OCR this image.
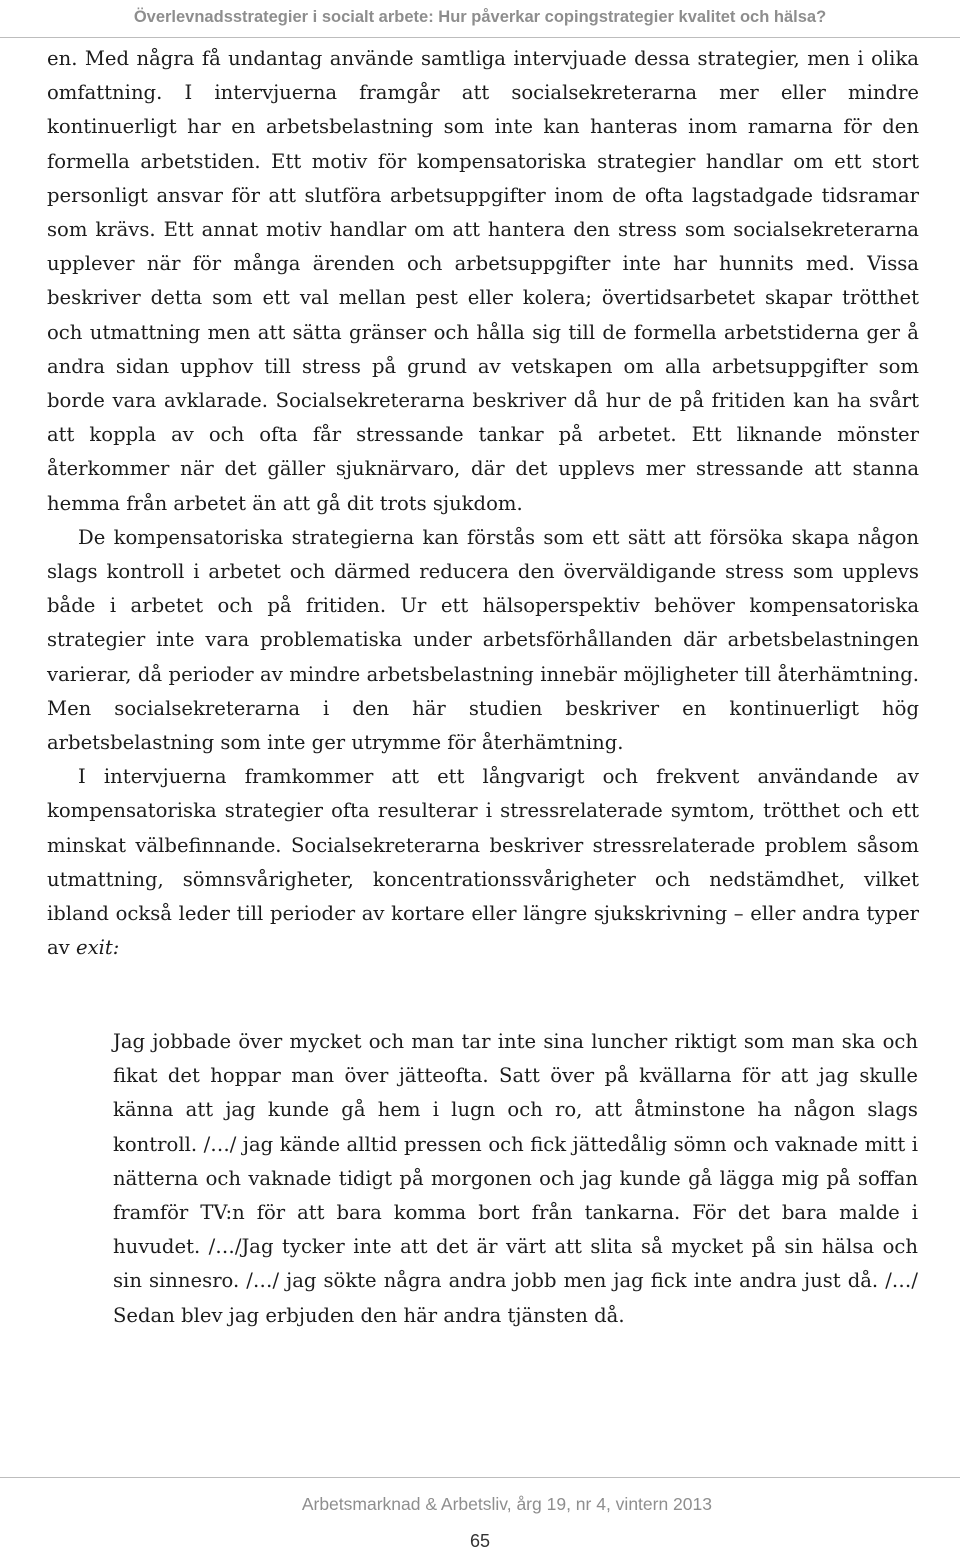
Överlevnadsstrategier i socialt arbete: Hur påverkar copingstrategier kvalitet och hälsa?

en. Med några få undantag använde samtliga intervjuade dessa strategier, men i olika omfattning. I intervjuerna framgår att socialsekreterarna mer eller mindre kontinuerligt har en arbetsbelastning som inte kan hanteras inom ramarna för den formella arbetstiden. Ett motiv för kompensatoriska strategier handlar om ett stort personligt ansvar för att slutföra arbetsuppgifter inom de ofta lagstadgade tidsramar som krävs. Ett annat motiv handlar om att hantera den stress som socialsekreterarna upplever när för många ärenden och arbetsuppgifter inte har hunnits med. Vissa beskriver detta som ett val mellan pest eller kolera; övertidsarbetet skapar trötthet och utmattning men att sätta gränser och hålla sig till de formella arbetstiderna ger å andra sidan upphov till stress på grund av vetskapen om alla arbetsuppgifter som borde vara avklarade. Socialsekreterarna beskriver då hur de på fritiden kan ha svårt att koppla av och ofta får stressande tankar på arbetet. Ett liknande mönster återkommer när det gäller sjuknärvaro, där det upplevs mer stressande att stanna hemma från arbetet än att gå dit trots sjukdom.

De kompensatoriska strategierna kan förstås som ett sätt att försöka skapa någon slags kontroll i arbetet och därmed reducera den överväldigande stress som upplevs både i arbetet och på fritiden. Ur ett hälsoperspektiv behöver kompensatoriska strategier inte vara problematiska under arbetsförhållanden där arbetsbelastningen varierar, då perioder av mindre arbetsbelastning innebär möjligheter till återhämtning. Men socialsekreterarna i den här studien beskriver en kontinuerligt hög arbetsbelastning som inte ger utrymme för återhämtning.

I intervjuerna framkommer att ett långvarigt och frekvent användande av kompensatoriska strategier ofta resulterar i stressrelaterade symtom, trötthet och ett minskat välbefinnande. Socialsekreterarna beskriver stressrelaterade problem såsom utmattning, sömnsvårigheter, koncentrationssvårigheter och nedstämdhet, vilket ibland också leder till perioder av kortare eller längre sjukskrivning – eller andra typer av exit:

Jag jobbade över mycket och man tar inte sina luncher riktigt som man ska och fikat det hoppar man över jätteofta. Satt över på kvällarna för att jag skulle känna att jag kunde gå hem i lugn och ro, att åtminstone ha någon slags kontroll. /…/ jag kände alltid pressen och fick jättedålig sömn och vaknade mitt i nätterna och vaknade tidigt på morgonen och jag kunde gå lägga mig på soffan framför TV:n för att bara komma bort från tankarna. För det bara malde i huvudet. /…/Jag tycker inte att det är värt att slita så mycket på sin hälsa och sin sinnesro. /…/ jag sökte några andra jobb men jag fick inte andra just då. /…/ Sedan blev jag erbjuden den här andra tjänsten då.

Arbetsmarknad & Arbetsliv, årg 19, nr 4, vintern 2013
65
